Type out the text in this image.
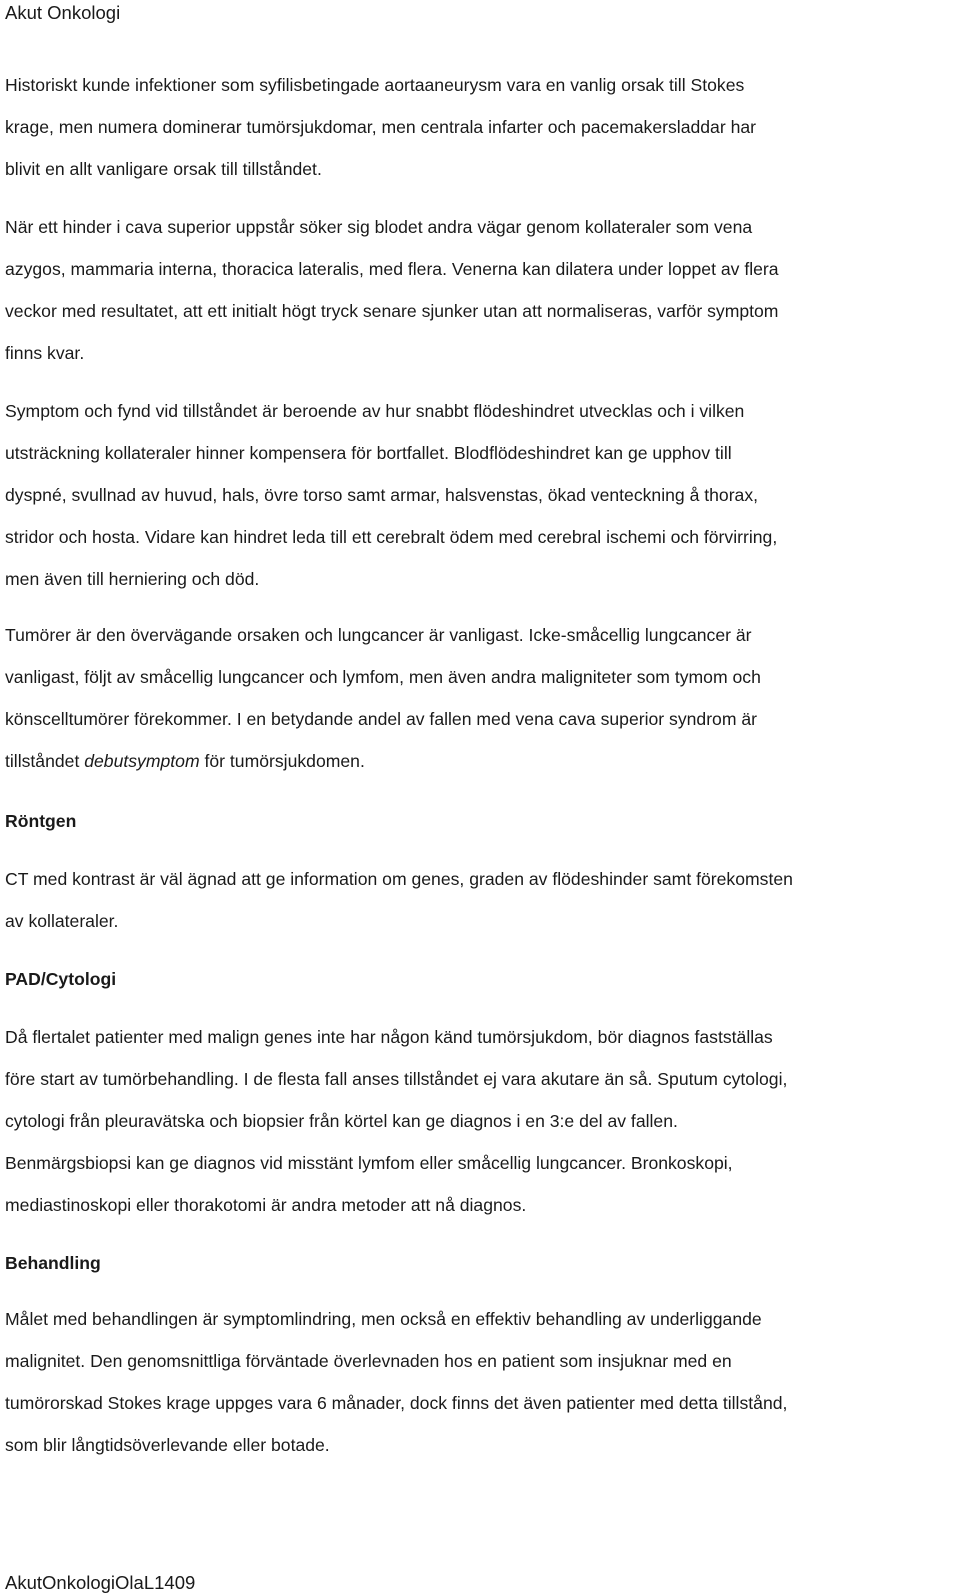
Akut Onkologi
Historiskt kunde infektioner som syfilisbetingade aortaaneurysm vara en vanlig orsak till Stokes
krage, men numera dominerar tumörsjukdomar, men centrala infarter och pacemakersladdar har
blivit en allt vanligare orsak till tillståndet.
När ett hinder i cava superior uppstår söker sig blodet andra vägar genom kollateraler som vena
azygos, mammaria interna, thoracica lateralis, med flera. Venerna kan dilatera under loppet av flera
veckor med resultatet, att ett initialt högt tryck senare sjunker utan att normaliseras, varför symptom
finns kvar.
Symptom och fynd vid tillståndet är beroende av hur snabbt flödeshindret utvecklas och i vilken
utsträckning kollateraler hinner kompensera för bortfallet. Blodflödeshindret kan ge upphov till
dyspné, svullnad av huvud, hals, övre torso samt armar, halsvenstas, ökad venteckning å thorax,
stridor och hosta. Vidare kan hindret leda till ett cerebralt ödem med cerebral ischemi och förvirring,
men även till herniering och död.
Tumörer är den övervägande orsaken och lungcancer är vanligast. Icke-småcellig lungcancer är
vanligast, följt av småcellig lungcancer och lymfom, men även andra maligniteter som tymom och
könscelltumörer förekommer. I en betydande andel av fallen med vena cava superior syndrom är
tillståndet debutsymptom för tumörsjukdomen.
Röntgen
CT med kontrast är väl ägnad att ge information om genes, graden av flödeshinder samt förekomsten
av kollateraler.
PAD/Cytologi
Då flertalet patienter med malign genes inte har någon känd tumörsjukdom, bör diagnos fastställas
före start av tumörbehandling. I de flesta fall anses tillståndet ej vara akutare än så. Sputum cytologi,
cytologi från pleuravätska och biopsier från körtel kan ge diagnos i en 3:e del av fallen.
Benmärgsbiopsi kan ge diagnos vid misstänt lymfom eller småcellig lungcancer. Bronkoskopi,
mediastinoskopi eller thorakotomi är andra metoder att nå diagnos.
Behandling
Målet med behandlingen är symptomlindring, men också en effektiv behandling av underliggande
malignitet. Den genomsnittliga förväntade överlevnaden hos en patient som insjuknar med en
tumörorskad Stokes krage uppges vara 6 månader, dock finns det även patienter med detta tillstånd,
som blir långtidsöverlevande eller botade.
AkutOnkologiOlaL1409
